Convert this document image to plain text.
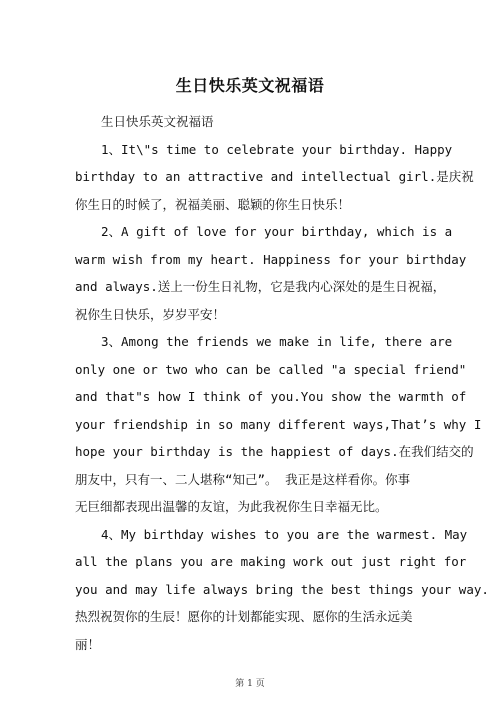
生日快乐英文祝福语
生日快乐英文祝福语
1、It\"s time to celebrate your birthday. Happy
birthday to an attractive and intellectual girl.是庆祝
你生日的时候了，祝福美丽、聪颖的你生日快乐！
2、A gift of love for your birthday, which is a
warm wish from my heart. Happiness for your birthday
and always.送上一份生日礼物，它是我内心深处的是生日祝福，
祝你生日快乐，岁岁平安！
3、Among the friends we make in life, there are
only one or two who can be called "a special friend"
and that"s how I think of you.You show the warmth of
your friendship in so many different ways,That’s why I
hope your birthday is the happiest of days.在我们结交的
朋友中，只有一、二人堪称“知己”。 我正是这样看你。你事
无巨细都表现出温馨的友谊，为此我祝你生日幸福无比。
4、My birthday wishes to you are the warmest. May
all the plans you are making work out just right for
you and may life always bring the best things your way.
热烈祝贺你的生辰！愿你的计划都能实现、愿你的生活永远美
丽！
第 1 页
